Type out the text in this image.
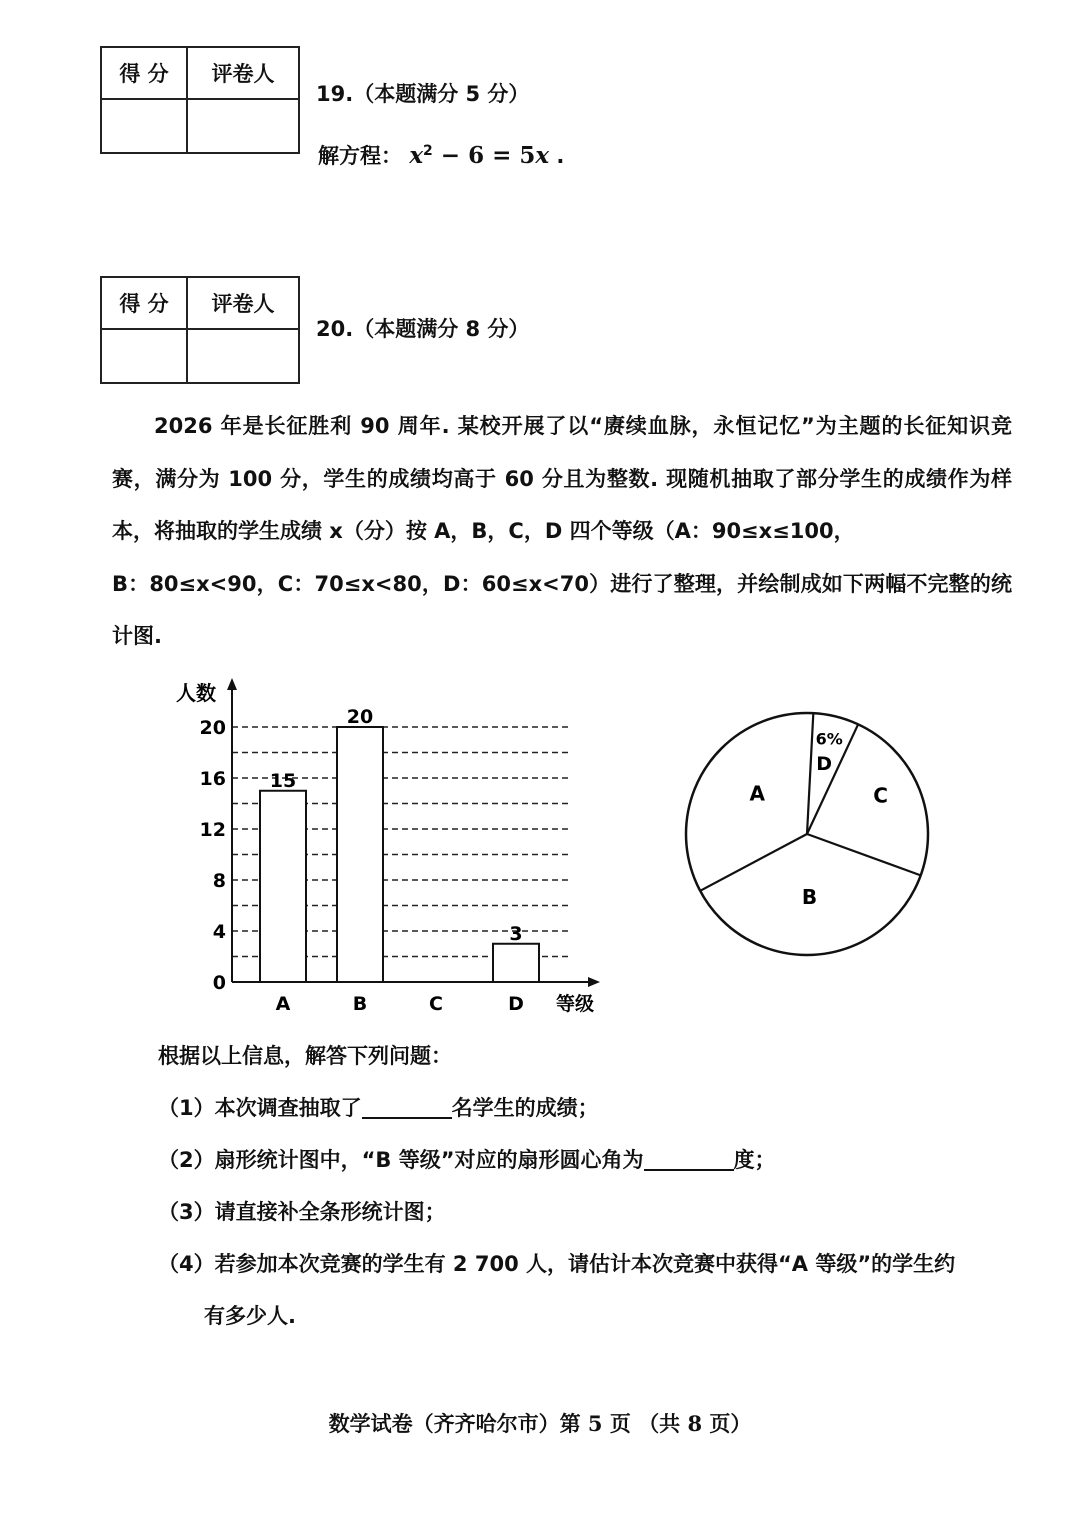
得 分	评卷人

19.（本题满分 5 分）
解方程： $x^2 - 6 = 5x$ .
得 分	评卷人

20.（本题满分 8 分）

2026 年是长征胜利 90 周年. 某校开展了以“赓续血脉，永恒记忆”为主题的长征知识竞赛，满分为 100 分，学生的成绩均高于 60 分且为整数. 现随机抽取了部分学生的成绩作为样本，将抽取的学生成绩 x（分）按 A，B，C，D 四个等级（A：90≤x≤100，

B：80≤x<90，C：70≤x<80，D：60≤x<70）进行了整理，并绘制成如下两幅不完整的统计图.

0
4
8
12
16
20
人数
等级
A
15
B
20
C	D
3
6%
D
C
B
A
根据以上信息，解答下列问题：
（1）本次调查抽取了	名学生的成绩；
（2）扇形统计图中，“B 等级”对应的扇形圆心角为	度；
（3）请直接补全条形统计图；
（4）若参加本次竞赛的学生有 2 700 人，请估计本次竞赛中获得“A 等级”的学生约
有多少人.
数学试卷（齐齐哈尔市）第 5 页 （共 8 页）
